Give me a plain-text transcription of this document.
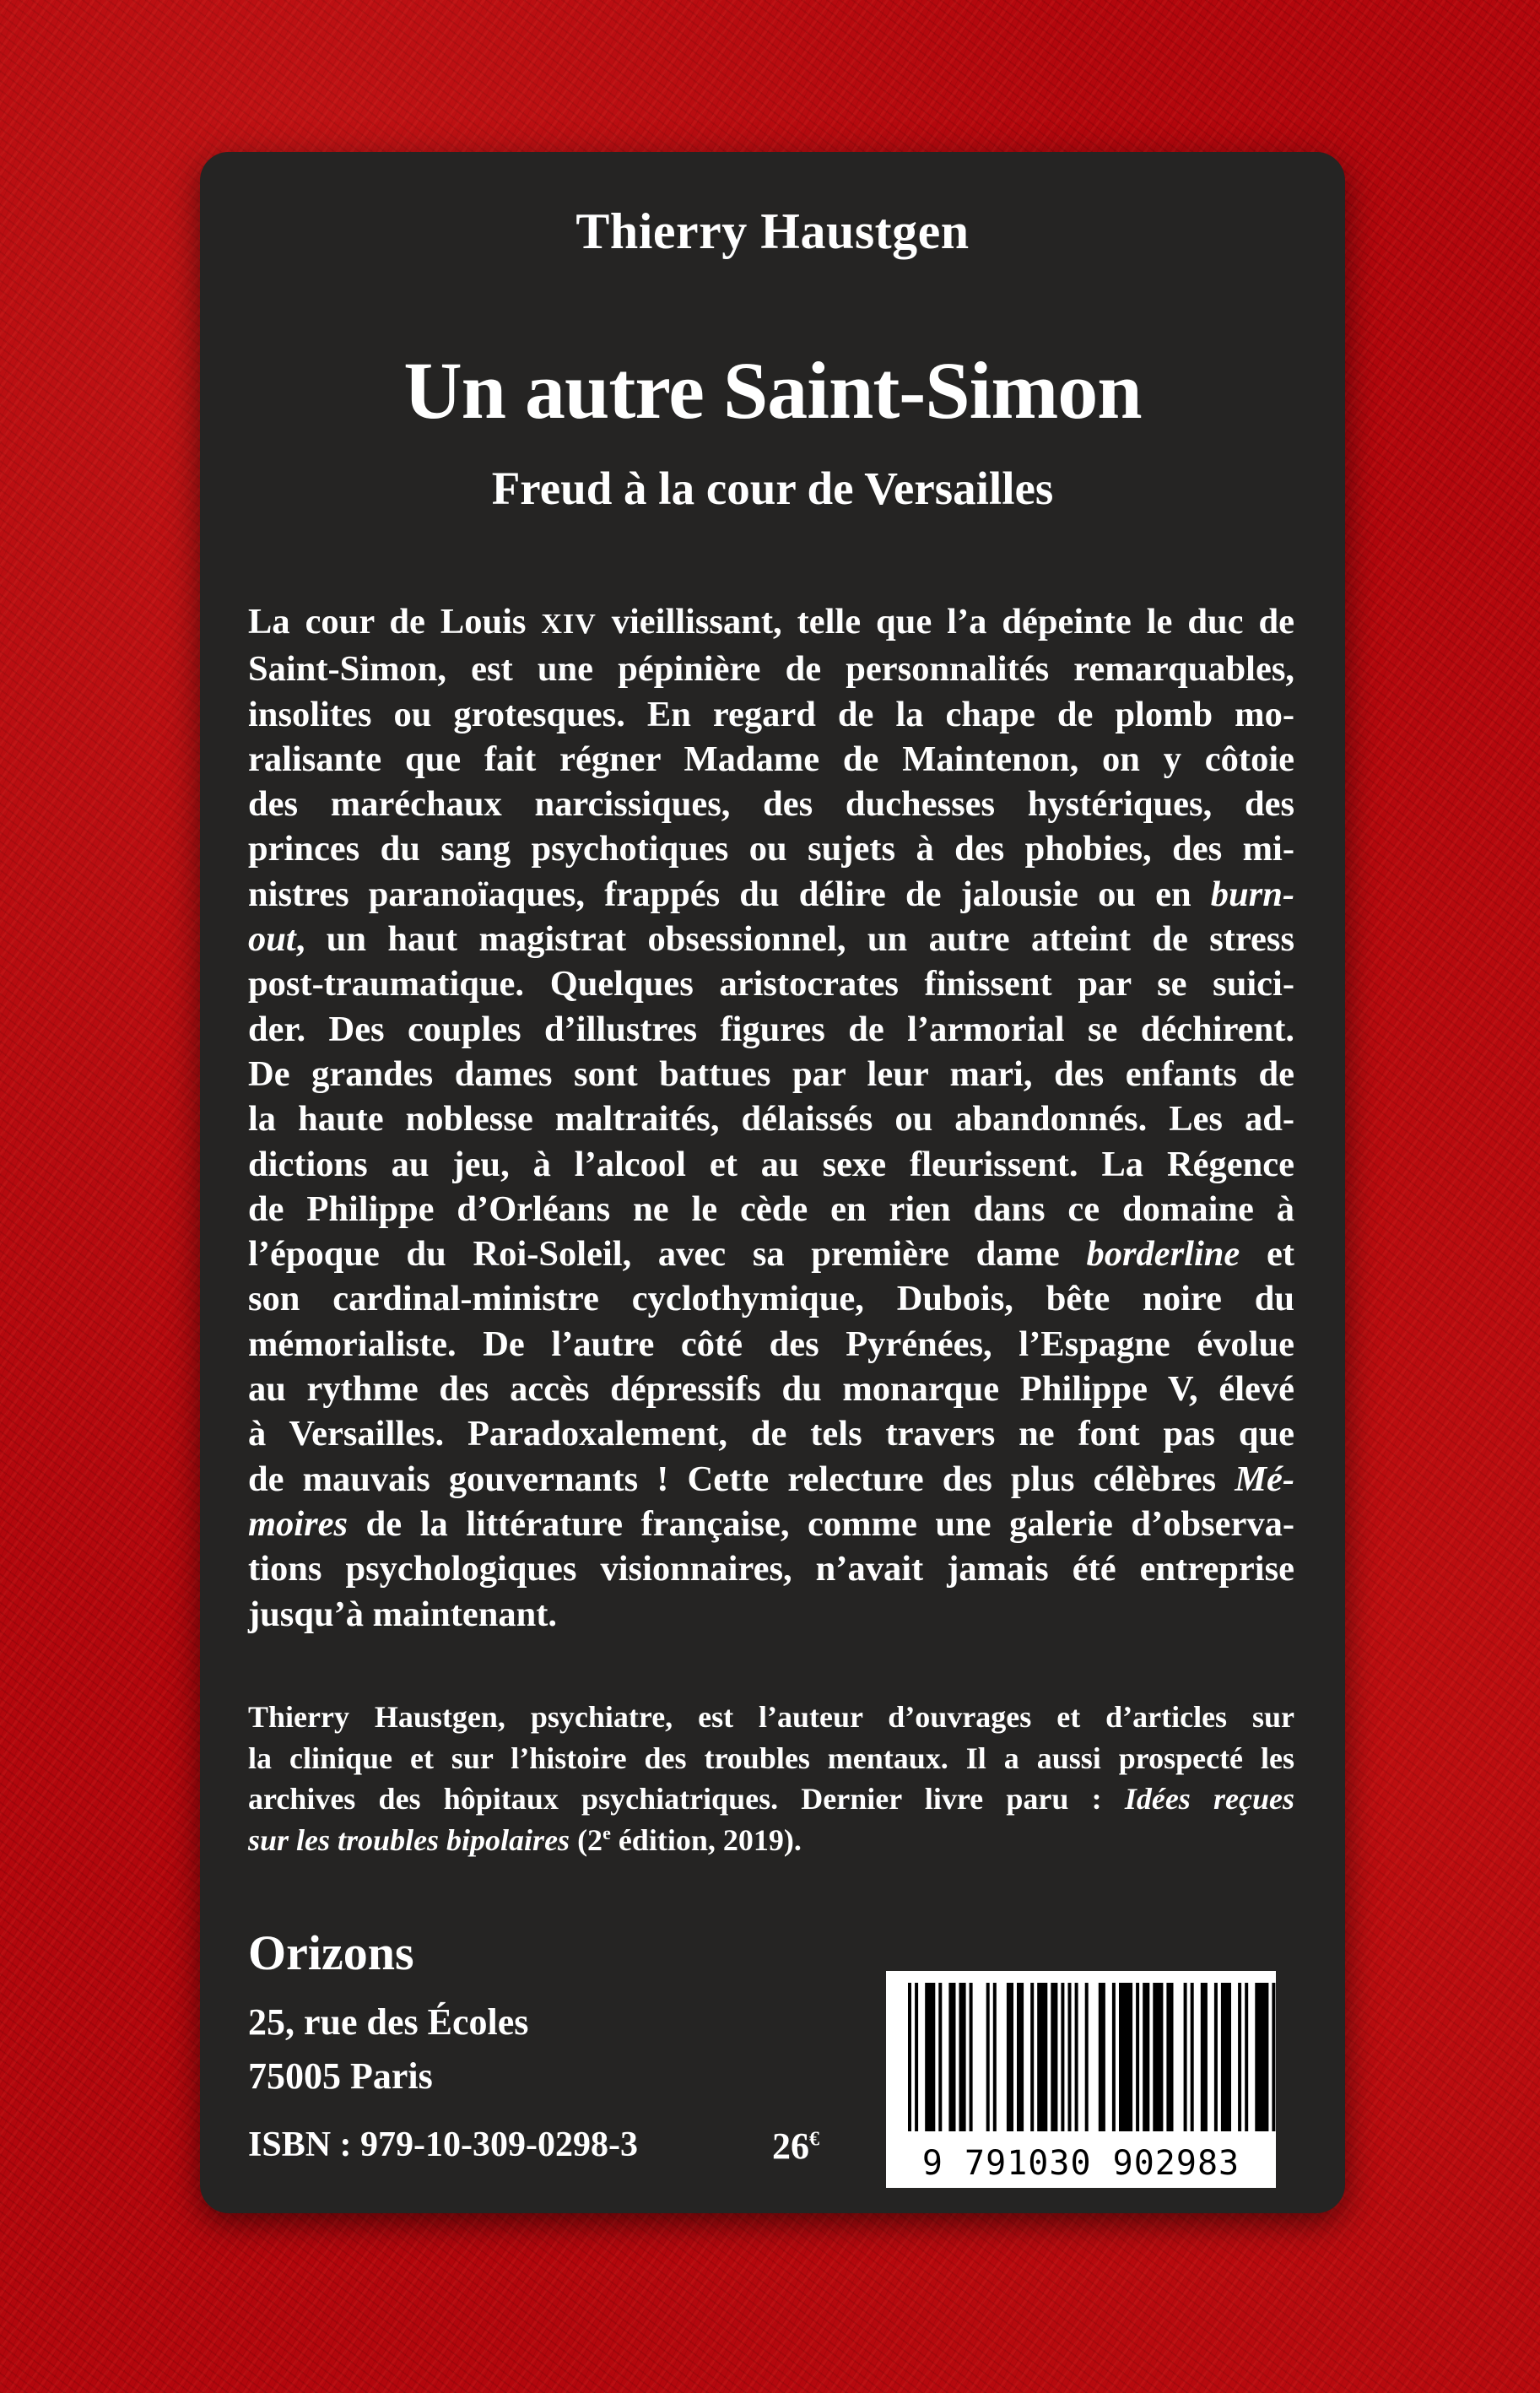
Thierry Haustgen
Un autre Saint-Simon
Freud à la cour de Versailles
La cour de Louis XIV vieillissant, telle que l’a dépeinte le duc de
Saint-Simon, est une pépinière de personnalités remarquables,
insolites ou grotesques. En regard de la chape de plomb mo-
ralisante que fait régner Madame de Maintenon, on y côtoie
des maréchaux narcissiques, des duchesses hystériques, des
princes du sang psychotiques ou sujets à des phobies, des mi-
nistres paranoïaques, frappés du délire de jalousie ou en burn-
out, un haut magistrat obsessionnel, un autre atteint de stress
post-traumatique. Quelques aristocrates finissent par se suici-
der. Des couples d’illustres figures de l’armorial se déchirent.
De grandes dames sont battues par leur mari, des enfants de
la haute noblesse maltraités, délaissés ou abandonnés. Les ad-
dictions au jeu, à l’alcool et au sexe fleurissent. La Régence
de Philippe d’Orléans ne le cède en rien dans ce domaine à
l’époque du Roi-Soleil, avec sa première dame borderline et
son cardinal-ministre cyclothymique, Dubois, bête noire du
mémorialiste. De l’autre côté des Pyrénées, l’Espagne évolue
au rythme des accès dépressifs du monarque Philippe V, élevé
à Versailles. Paradoxalement, de tels travers ne font pas que
de mauvais gouvernants ! Cette relecture des plus célèbres Mé-
moires de la littérature française, comme une galerie d’observa-
tions psychologiques visionnaires, n’avait jamais été entreprise
jusqu’à maintenant.
Thierry Haustgen, psychiatre, est l’auteur d’ouvrages et d’articles sur
la clinique et sur l’histoire des troubles mentaux. Il a aussi prospecté les
archives des hôpitaux psychiatriques. Dernier livre paru : Idées reçues
sur les troubles bipolaires (2e édition, 2019).
Orizons
25, rue des Écoles
75005 Paris
ISBN : 979-10-309-0298-3	26€
9 791030 902983
